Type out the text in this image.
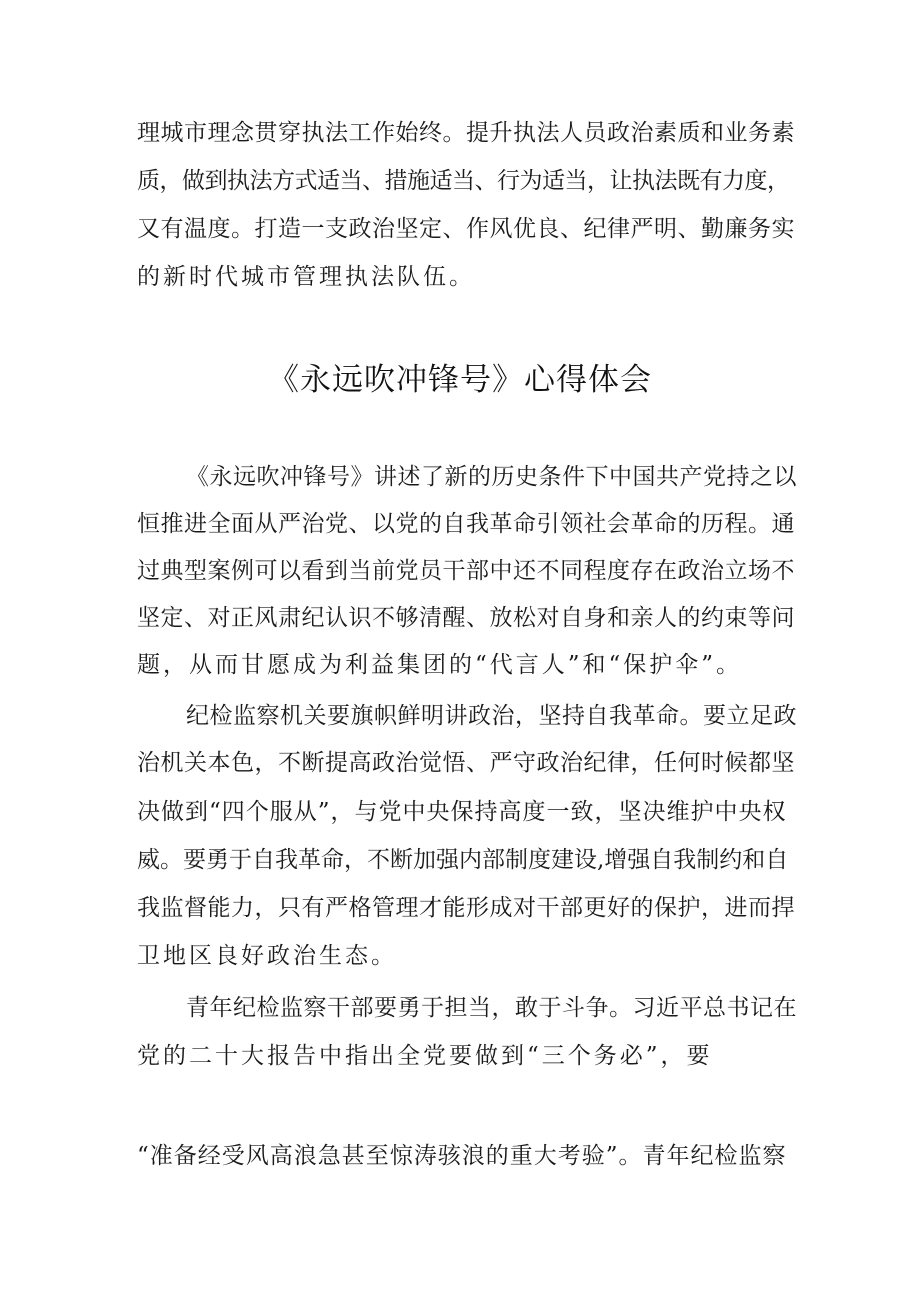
理城市理念贯穿执法工作始终。提升执法人员政治素质和业务素
质，做到执法方式适当、措施适当、行为适当，让执法既有力度，
又有温度。打造一支政治坚定、作风优良、纪律严明、勤廉务实
的新时代城市管理执法队伍。
《永远吹冲锋号》心得体会
《永远吹冲锋号》讲述了新的历史条件下中国共产党持之以
恒推进全面从严治党、以党的自我革命引领社会革命的历程。通
过典型案例可以看到当前党员干部中还不同程度存在政治立场不
坚定、对正风肃纪认识不够清醒、放松对自身和亲人的约束等问
题，从而甘愿成为利益集团的“代言人”和“保护伞”。
纪检监察机关要旗帜鲜明讲政治，坚持自我革命。要立足政
治机关本色，不断提高政治觉悟、严守政治纪律，任何时候都坚
决做到“四个服从”，与党中央保持高度一致，坚决维护中央权
威。要勇于自我革命，不断加强内部制度建设,增强自我制约和自
我监督能力，只有严格管理才能形成对干部更好的保护，进而捍
卫地区良好政治生态。
青年纪检监察干部要勇于担当，敢于斗争。习近平总书记在
党的二十大报告中指出全党要做到“三个务必”，要
“准备经受风高浪急甚至惊涛骇浪的重大考验”。青年纪检监察
